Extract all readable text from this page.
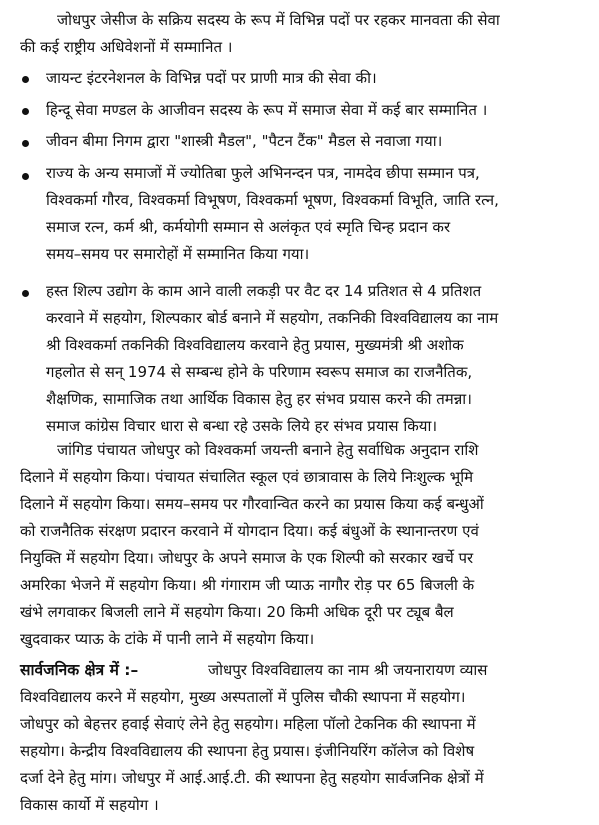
जोधपुर जेसीज के सक्रिय सदस्य के रूप में विभिन्न पदों पर रहकर मानवता की सेवा
की कई राष्ट्रीय अधिवेशनों में सम्मानित ।
जायन्ट इंटरनेशनल के विभिन्न पदों पर प्राणी मात्र की सेवा की।
हिन्दू सेवा मण्डल के आजीवन सदस्य के रूप में समाज सेवा में कई बार सम्मानित ।
जीवन बीमा निगम द्वारा "शास्त्री मैडल", "पैटन टैंक" मैडल से नवाजा गया।
राज्य के अन्य समाजों में ज्योतिबा फुले अभिनन्दन पत्र, नामदेव छीपा सम्मान पत्र,
विश्वकर्मा गौरव, विश्वकर्मा विभूषण, विश्वकर्मा भूषण, विश्वकर्मा विभूति, जाति रत्न,
समाज रत्न, कर्म श्री, कर्मयोगी सम्मान से अलंकृत एवं स्मृति चिन्ह प्रदान कर
समय–समय पर समारोहों में सम्मानित किया गया।
हस्त शिल्प उद्योग के काम आने वाली लकड़ी पर वैट दर 14 प्रतिशत से 4 प्रतिशत
करवाने में सहयोग, शिल्पकार बोर्ड बनाने में सहयोग, तकनिकी विश्वविद्यालय का नाम
श्री विश्वकर्मा तकनिकी विश्वविद्यालय करवाने हेतु प्रयास, मुख्यमंत्री श्री अशोक
गहलोत से सन् 1974 से सम्बन्ध होने के परिणाम स्वरूप समाज का राजनैतिक,
शैक्षणिक, सामाजिक तथा आर्थिक विकास हेतु हर संभव प्रयास करने की तमन्ना।
समाज कांग्रेस विचार धारा से बन्धा रहे उसके लिये हर संभव प्रयास किया।
जांगिड पंचायत जोधपुर को विश्वकर्मा जयन्ती बनाने हेतु सर्वाधिक अनुदान राशि
दिलाने में सहयोग किया। पंचायत संचालित स्कूल एवं छात्रावास के लिये निःशुल्क भूमि
दिलाने में सहयोग किया। समय–समय पर गौरवान्वित करने का प्रयास किया कई बन्धुओं
को राजनैतिक संरक्षण प्रदारन करवाने में योगदान दिया। कई बंधुओं के स्थानान्तरण एवं
नियुक्ति में सहयोग दिया। जोधपुर के अपने समाज के एक शिल्पी को सरकार खर्चे पर
अमरिका भेजने में सहयोग किया। श्री गंगाराम जी प्याऊ नागौर रोड़ पर 65 बिजली के
खंभे लगवाकर बिजली लाने में सहयोग किया। 20 किमी अधिक दूरी पर ट्यूब बैल
खुदवाकर प्याऊ के टांके में पानी लाने में सहयोग किया।
सार्वजनिक क्षेत्र में :–	जोधपुर विश्वविद्यालय का नाम श्री जयनारायण व्यास
विश्वविद्यालय करने में सहयोग, मुख्य अस्पतालों में पुलिस चौकी स्थापना में सहयोग।
जोधपुर को बेहत्तर हवाई सेवाएं लेने हेतु सहयोग। महिला पॉलो टेकनिक की स्थापना में
सहयोग। केन्द्रीय विश्वविद्यालय की स्थापना हेतु प्रयास। इंजीनियरिंग कॉलेज को विशेष
दर्जा देने हेतु मांग। जोधपुर में आई.आई.टी. की स्थापना हेतु सहयोग सार्वजनिक क्षेत्रों में
विकास कार्यो में सहयोग ।
